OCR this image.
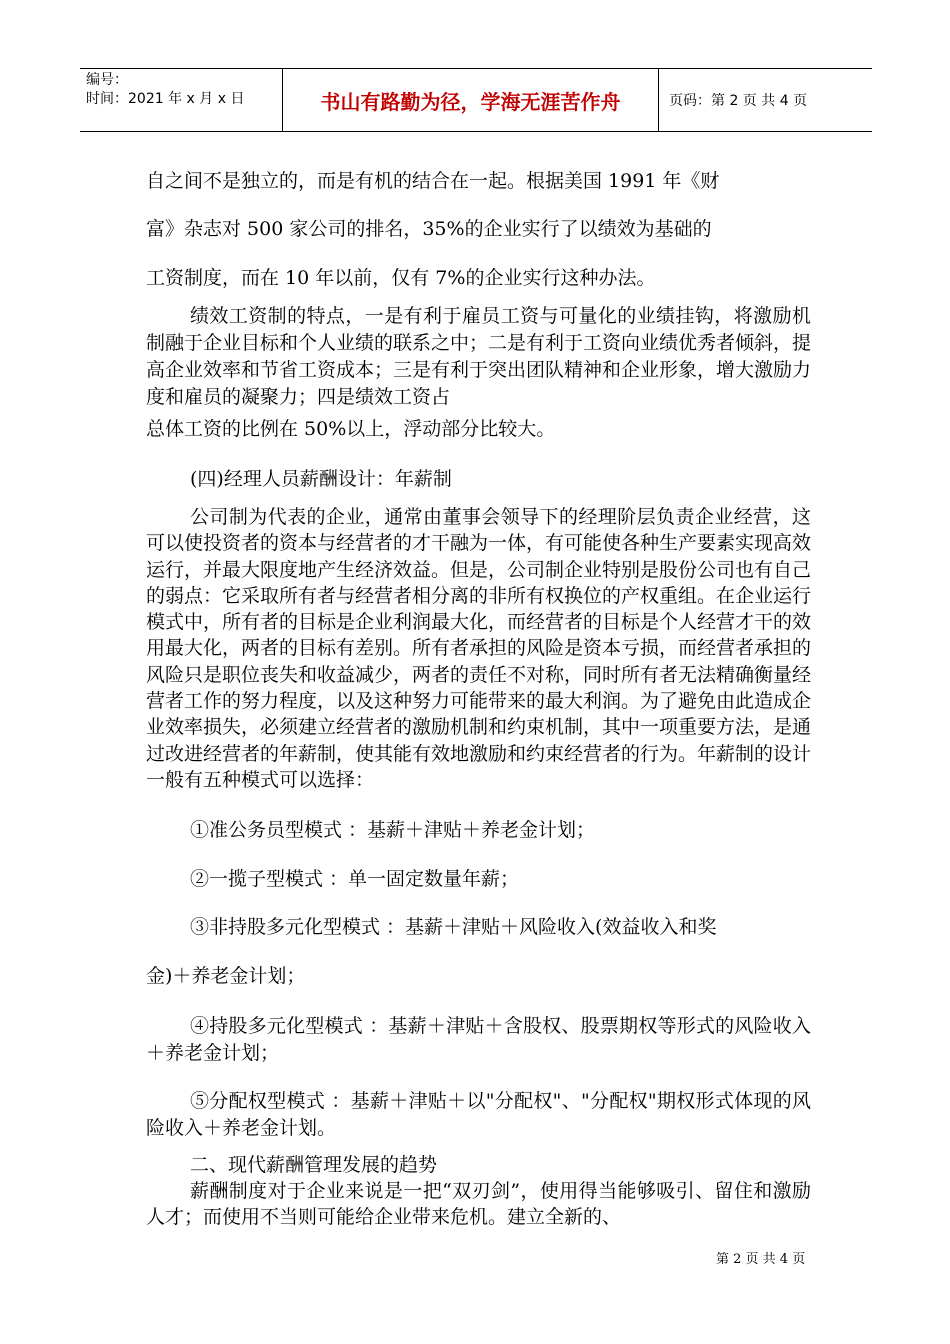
编号：
时间：2021 年 x 月 x 日	书山有路勤为径，学海无涯苦作舟	页码：第 2 页 共 4 页

自之间不是独立的，而是有机的结合在一起。根据美国 1991 年《财

富》杂志对 500 家公司的排名，35%的企业实行了以绩效为基础的

工资制度，而在 10 年以前，仅有 7%的企业实行这种办法。

绩效工资制的特点，一是有利于雇员工资与可量化的业绩挂钩，将激励机制融于企业目标和个人业绩的联系之中；二是有利于工资向业绩优秀者倾斜，提高企业效率和节省工资成本；三是有利于突出团队精神和企业形象，增大激励力度和雇员的凝聚力；四是绩效工资占

总体工资的比例在 50%以上，浮动部分比较大。

(四)经理人员薪酬设计：年薪制

公司制为代表的企业，通常由董事会领导下的经理阶层负责企业经营，这可以使投资者的资本与经营者的才干融为一体，有可能使各种生产要素实现高效运行，并最大限度地产生经济效益。但是，公司制企业特别是股份公司也有自己的弱点：它采取所有者与经营者相分离的非所有权换位的产权重组。在企业运行模式中，所有者的目标是企业利润最大化，而经营者的目标是个人经营才干的效用最大化，两者的目标有差别。所有者承担的风险是资本亏损，而经营者承担的风险只是职位丧失和收益减少，两者的责任不对称，同时所有者无法精确衡量经营者工作的努力程度，以及这种努力可能带来的最大利润。为了避免由此造成企业效率损失，必须建立经营者的激励机制和约束机制，其中一项重要方法，是通过改进经营者的年薪制，使其能有效地激励和约束经营者的行为。年薪制的设计一般有五种模式可以选择：

①准公务员型模式 ：基薪＋津贴＋养老金计划；

②一揽子型模式 ：单一固定数量年薪；

③非持股多元化型模式 ：基薪＋津贴＋风险收入(效益收入和奖

金)＋养老金计划；

④持股多元化型模式 ：基薪＋津贴＋含股权、股票期权等形式的风险收入＋养老金计划；

⑤分配权型模式 ：基薪＋津贴＋以"分配权"、"分配权"期权形式体现的风险收入＋养老金计划。

二、现代薪酬管理发展的趋势

薪酬制度对于企业来说是一把“双刃剑”，使用得当能够吸引、留住和激励人才；而使用不当则可能给企业带来危机。建立全新的、

第 2 页 共 4 页
